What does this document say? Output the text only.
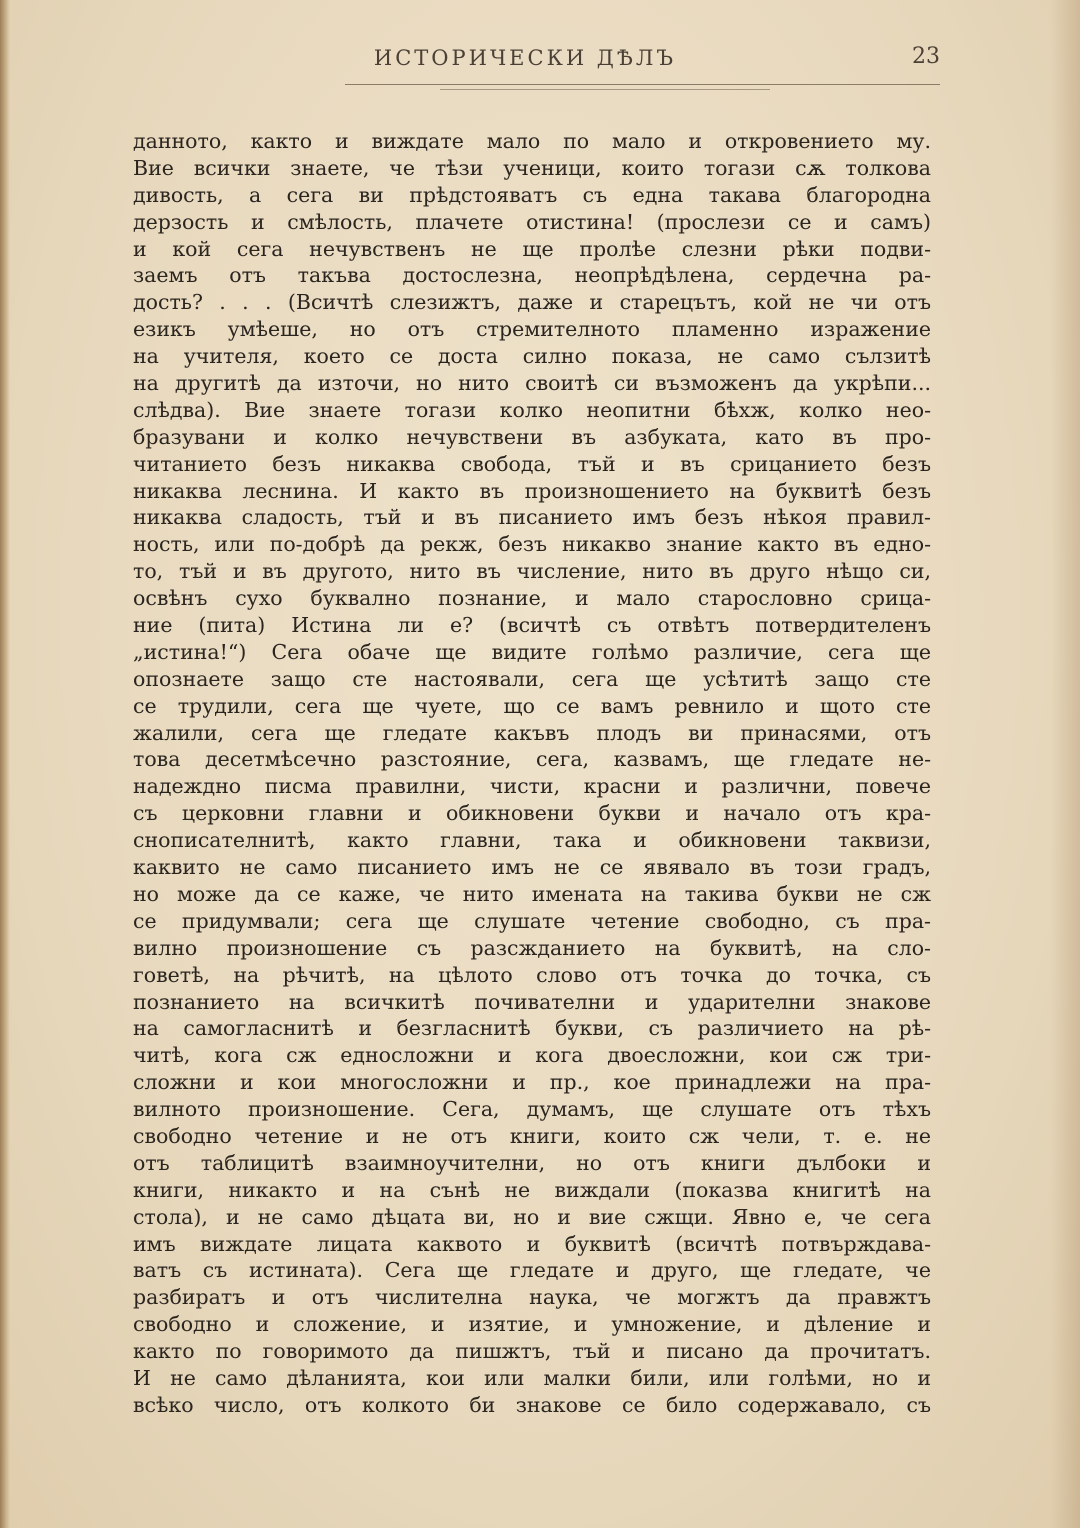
ИСТОРИЧЕСКИ ДѢЛЪ	23
данното, както и виждате мало по мало и откровението му.
Вие всички знаете, че тѣзи ученици, които тогази сѫ толкова
дивость, а сега ви прѣдстояватъ съ една такава благородна
дерзость и смѣлость, плачете отистина! (прослези се и самъ)
и кой сега нечувственъ не ще пролѣе слезни рѣки подви-
заемъ отъ такъва достослезна, неопрѣдѣлена, сердечна ра-
дость? . . . (Всичтѣ слезижтъ, даже и старецътъ, кой не чи отъ
езикъ умѣеше, но отъ стремителното пламенно изражение
на учителя, което се доста силно показа, не само сълзитѣ
на другитѣ да източи, но нито своитѣ си възможенъ да укрѣпи...
слѣдва). Вие знаете тогази колко неопитни бѣхж, колко нео-
бразувани и колко нечувствени въ азбуката, като въ про-
читанието безъ никаква свобода, тъй и въ срицанието безъ
никаква леснина. И както въ произношението на буквитѣ безъ
никаква сладость, тъй и въ писанието имъ безъ нѣкоя правил-
ность, или по-добрѣ да рекж, безъ никакво знание както въ едно-
то, тъй и въ другото, нито въ числение, нито въ друго нѣщо си,
освѣнъ сухо буквално познание, и мало старословно срица-
ние (пита) Истина ли е? (всичтѣ съ отвѣтъ потвердителенъ
„истина!“) Сега обаче ще видите голѣмо различие, сега ще
опознаете защо сте настоявали, сега ще усѣтитѣ защо сте
се трудили, сега ще чуете, що се вамъ ревнило и щото сте
жалили, сега ще гледате какъвъ плодъ ви принасями, отъ
това десетмѣсечно разстояние, сега, казвамъ, ще гледате не-
надеждно писма правилни, чисти, красни и различни, повече
съ церковни главни и обикновени букви и начало отъ кра-
снописателнитѣ, както главни, така и обикновени таквизи,
каквито не само писанието имъ не се явявало въ този градъ,
но може да се каже, че нито имената на такива букви не сж
се придумвали; сега ще слушате четение свободно, съ пра-
вилно произношение съ разсжданието на буквитѣ, на сло-
говетѣ, на рѣчитѣ, на цѣлото слово отъ точка до точка, съ
познанието на всичкитѣ почивателни и ударителни знакове
на самогласнитѣ и безгласнитѣ букви, съ различието на рѣ-
читѣ, кога сж едносложни и кога двоесложни, кои сж три-
сложни и кои многосложни и пр., кое принадлежи на пра-
вилното произношение. Сега, думамъ, ще слушате отъ тѣхъ
свободно четение и не отъ книги, които сж чели, т. е. не
отъ таблицитѣ взаимноучителни, но отъ книги дълбоки и
книги, никакто и на сънѣ не виждали (показва книгитѣ на
стола), и не само дѣцата ви, но и вие сжщи. Явно е, че сега
имъ виждате лицата каквото и буквитѣ (всичтѣ потвърждава-
ватъ съ истината). Сега ще гледате и друго, ще гледате, че
разбиратъ и отъ числителна наука, че могжтъ да правжтъ
свободно и сложение, и изятие, и умножение, и дѣление и
както по говоримото да пишжтъ, тъй и писано да прочитатъ.
И не само дѣланията, кои или малки били, или голѣми, но и
всѣко число, отъ колкото би знакове се било содержавало, съ
